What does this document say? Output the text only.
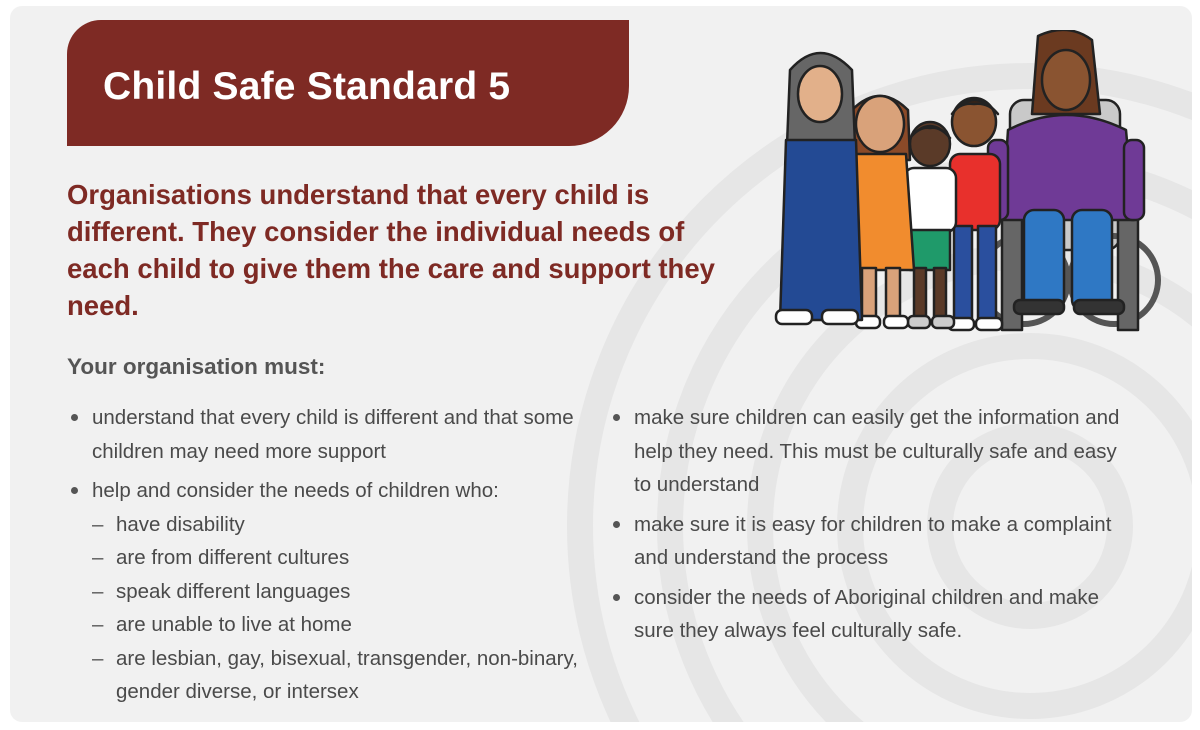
Child Safe Standard 5
Organisations understand that every child is different. They consider the individual needs of each child to give them the care and support they need.
Your organisation must:
understand that every child is different and that some children may need more support
help and consider the needs of children who:
– have disability
– are from different cultures
– speak different languages
– are unable to live at home
– are lesbian, gay, bisexual, transgender, non-binary, gender diverse, or intersex
make sure children can easily get the information and help they need. This must be culturally safe and easy to understand
make sure it is easy for children to make a complaint and understand the process
consider the needs of Aboriginal children and make sure they always feel culturally safe.
